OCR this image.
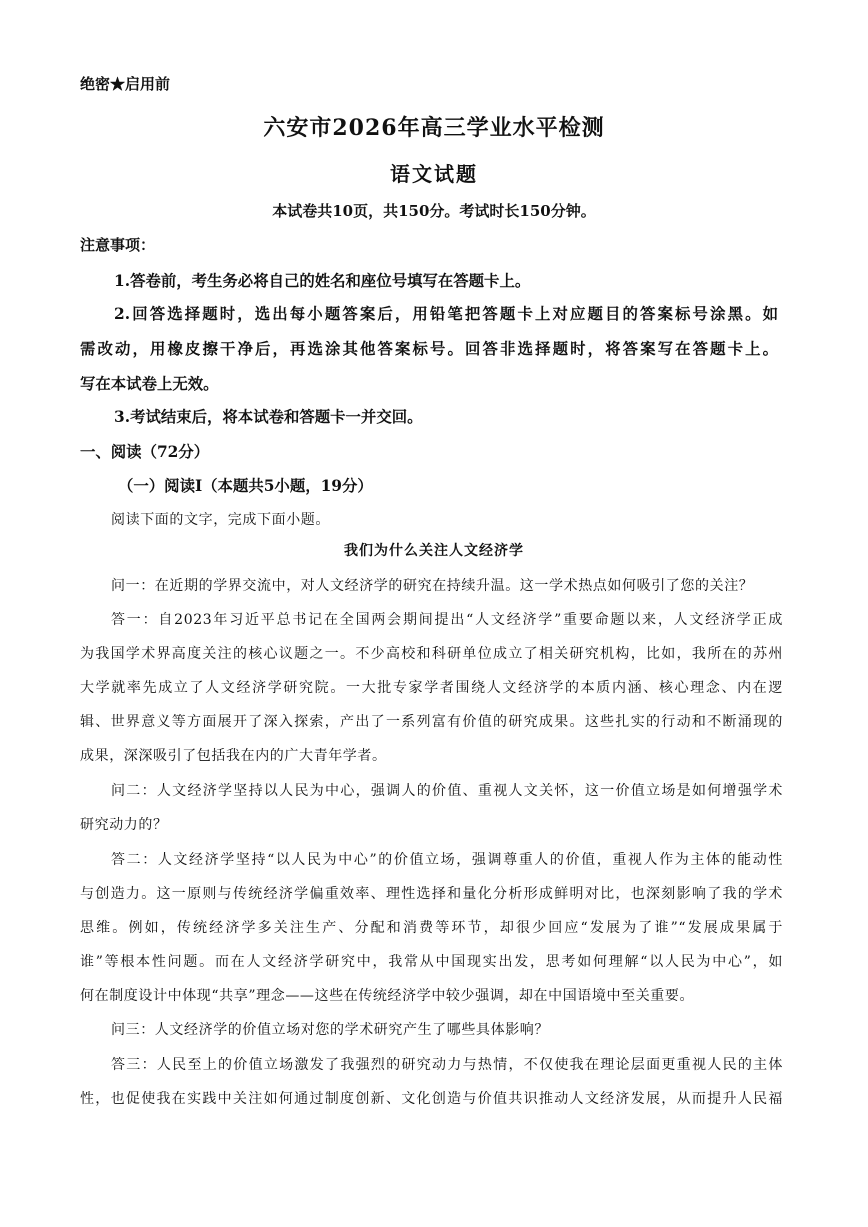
绝密★启用前
六安市2026年高三学业水平检测
语文试题
本试卷共10页，共150分。考试时长150分钟。
注意事项：
1.答卷前，考生务必将自己的姓名和座位号填写在答题卡上。
2.回答选择题时，选出每小题答案后，用铅笔把答题卡上对应题目的答案标号涂黑。如
需改动，用橡皮擦干净后，再选涂其他答案标号。回答非选择题时，将答案写在答题卡上。
写在本试卷上无效。
3.考试结束后，将本试卷和答题卡一并交回。
一、阅读（72分）
（一）阅读Ⅰ（本题共5小题，19分）
阅读下面的文字，完成下面小题。
我们为什么关注人文经济学
问一：在近期的学界交流中，对人文经济学的研究在持续升温。这一学术热点如何吸引了您的关注？
答一：自2023年习近平总书记在全国两会期间提出“人文经济学”重要命题以来，人文经济学正成
为我国学术界高度关注的核心议题之一。不少高校和科研单位成立了相关研究机构，比如，我所在的苏州
大学就率先成立了人文经济学研究院。一大批专家学者围绕人文经济学的本质内涵、核心理念、内在逻
辑、世界意义等方面展开了深入探索，产出了一系列富有价值的研究成果。这些扎实的行动和不断涌现的
成果，深深吸引了包括我在内的广大青年学者。
问二：人文经济学坚持以人民为中心，强调人的价值、重视人文关怀，这一价值立场是如何增强学术
研究动力的？
答二：人文经济学坚持“以人民为中心”的价值立场，强调尊重人的价值，重视人作为主体的能动性
与创造力。这一原则与传统经济学偏重效率、理性选择和量化分析形成鲜明对比，也深刻影响了我的学术
思维。例如，传统经济学多关注生产、分配和消费等环节，却很少回应“发展为了谁”“发展成果属于
谁”等根本性问题。而在人文经济学研究中，我常从中国现实出发，思考如何理解“以人民为中心”，如
何在制度设计中体现“共享”理念——这些在传统经济学中较少强调，却在中国语境中至关重要。
问三：人文经济学的价值立场对您的学术研究产生了哪些具体影响？
答三：人民至上的价值立场激发了我强烈的研究动力与热情，不仅使我在理论层面更重视人民的主体
性，也促使我在实践中关注如何通过制度创新、文化创造与价值共识推动人文经济发展，从而提升人民福
